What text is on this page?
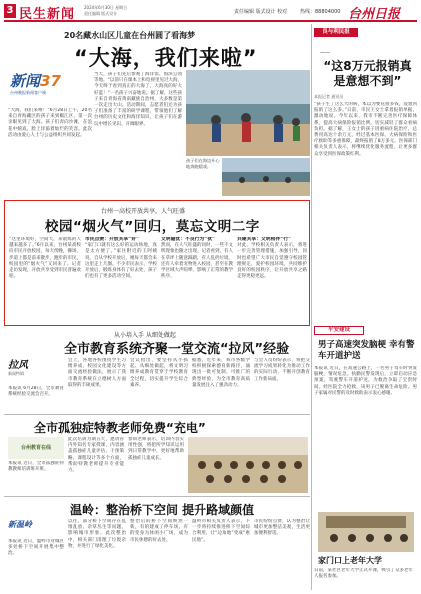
3 民生新闻 2024年6月30日 星期日
责任编辑 版式设计	责任编辑 版式设计 校对	热线：88804000 台州日报
20名藏水山区儿童在台州圆了看海梦
“大海，我们来啦”
新闻37
台州晚报新闻客户端
“大海，我们来啦！”6月28日上午，20名来自青海藏区的孩子来到椒江区，第一次亲眼见到了大海。孩子们奔向沙滩，在浪花中嬉戏，脸上洋溢着灿烂的笑容。此次活动由爱心人士与公益组织共同发起。
当天，孩子们先后参观了海洋馆、海滨公园等地。“以前只在课本上和电视里见过大海，今天终于看到真正的大海了，大海真的好大好蓝！”一名孩子兴奋地说。据了解，这些孩子来自青海省黄南藏族自治州，大多数是第一次走出大山。活动期间，志愿者们还为孩子们准备了丰富的研学课程，带领他们了解台州的历史文化和海洋知识，让孩子们在游玩中增长见识、开阔眼界。
孩子们在海边开心地奔跑嬉戏。
台州一高校开放共享，人气旺盛
校园“烟火气”回归，莫忘文明二字
“这里环境好，空间大，来锻炼的人越来越多了。”6月以来，台州某高校向市民开放校园，每天傍晚，操场、步道上都是前来散步、跑步的市民，校园里的“烟火气”又回来了。记者走访发现，开放共享受到市民普遍欢迎。
市民点赞：开放共享“好”
“家门口就有这么好的运动场地，真是太方便了。”家住附近的王阿姨说，自从学校开放后，她每天都会来这里走上几圈。不少市民表示，学校开放后，锻炼身体有了好去处，孩子们也有了更多活动空间。
文明隐忧：不良行为“扰”
然而，在人气旺盛的同时，一些不文明现象也随之出现。记者看到，有人在草坪上随意踩踏，有人乱扔垃圾，还有人牵着宠物进入校园，甚至在教学区域大声喧哗，影响了正常的教学秩序。
共建共享：文明相伴“行”
对此，学校相关负责人表示，将进一步完善管理措施，加强引导，同时也希望广大市民自觉遵守校园管理规定，爱护校园环境，共同维护良好的校园秩序，让开放共享之路走得更稳更远。
从小培入手 从细处做起
全市教育系统齐聚一堂交流“拉风”经验
拉风
新闻特辑
本报讯 6月28日，全市教育系统经验交流会召开。
会上，各地各校围绕学生习惯养成、校园文化建设等方面交流经验做法，展示了我市教育系统在立德树人方面取得的丰硕成果。
会议指出，要坚持从小抓起、从细处做起，将文明习惯养成教育贯穿于学校教育全过程，切实提升学生综合素养。
据悉，近年来，我市各级学校积极探索德育新路径，涌现出一批可复制、可推广的典型经验，为全市教育高质量发展注入了强劲动力。
与会人员纷纷表示，将把交流学习成果转化为推动工作的实际行动，不断开创教育工作新局面。
全市孤独症特教老师免费“充电”
台州教育在线
本报讯 近日，全市孤独症特教教师培训班开班。
此次培训为期五天，邀请省内外知名专家授课，内容涵盖孤独症儿童评估、干预策略、课程设计等多个方面，帮助特教老师提升专业能力。
参训老师表示，培训内容实用性强，将把所学知识运用到日常教学中，更好地帮助孤独症儿童成长。
温岭：整治桥下空间 提升路域颜值
新温岭
本报讯 近日，温岭市对城区多处桥下空间开展集中整治。
以往，部分桥下空间存在乱堆乱放、杂草丛生等问题，影响城市形象。此次整治中，相关部门清理了垃圾杂物，并进行了绿化美化。
整治后的桥下空间焕然一新，有的建成了停车场，有的变身为休闲小广场，成为市民休憩的好去处。
温岭市相关负责人表示，下一步将持续推进桥下空间综合利用，让“边角地”变成“惠民地”。
市民纷纷点赞，认为整治让城市更加整洁美观，生活更加便利舒适。
良与利民报
——
“这8万元报销真是意想不到”
本报记者 通讯员
“孩子生了这么大的病，本以为要花很多钱，没想到报销了这么多。”日前，市民王女士拿着报销单据，激动地说。今年以来，我市不断完善医疗保障体系，提高大病保险报销比例，切实减轻了群众看病负担。据了解，王女士的孩子因重病住院治疗，总费用高达十余万元，经过基本医保、大病保险和医疗救助等多重保障，最终报销了8万多元。医保部门相关负责人表示，将继续优化服务流程，让更多群众享受到医保政策红利。
平安建设
男子高速突发脑梗 幸有警车开道护送
本报讯 近日，在高速公路上，一名男子驾车时突发脑梗，情况危急。执勤民警发现后，立即启动应急预案，驾驶警车开道护送，为救治争取了宝贵时间。经医院全力抢救，该男子已脱离生命危险。男子家属对民警的及时救助表示衷心感谢。
家门口上老年大学
日前，某社区老年大学正式开课，吸引了众多老年人报名参加。
